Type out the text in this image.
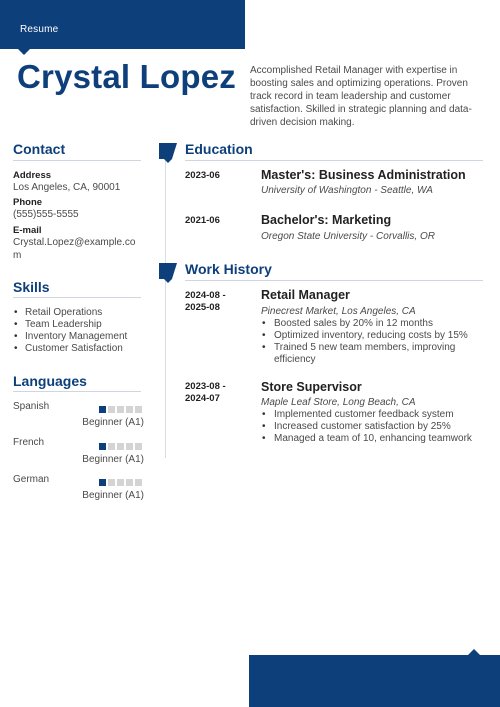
Resume
Crystal Lopez Accomplished Retail Manager with expertise in boosting sales and optimizing operations. Proven track record in team leadership and customer satisfaction. Skilled in strategic planning and data-driven decision making.

Contact
Address
Los Angeles, CA, 90001
Phone
(555)555-5555
E-mail
Crystal.Lopez@example.co
m
Skills
• Retail Operations
• Team Leadership
• Inventory Management
• Customer Satisfaction
Languages
Spanish
Beginner (A1)
French
Beginner (A1)
German
Beginner (A1)
Education
2023-06	Master's: Business Administration
University of Washington - Seattle, WA
2021-06	Bachelor's: Marketing
Oregon State University - Corvallis, OR
Work History
2024-08 -
2025-08
Retail Manager
Pinecrest Market, Los Angeles, CA
• Boosted sales by 20% in 12 months
• Optimized inventory, reducing costs by 15%
• Trained 5 new team members, improving efficiency
2023-08 -
2024-07
Store Supervisor
Maple Leaf Store, Long Beach, CA
• Implemented customer feedback system
• Increased customer satisfaction by 25%
• Managed a team of 10, enhancing teamwork
